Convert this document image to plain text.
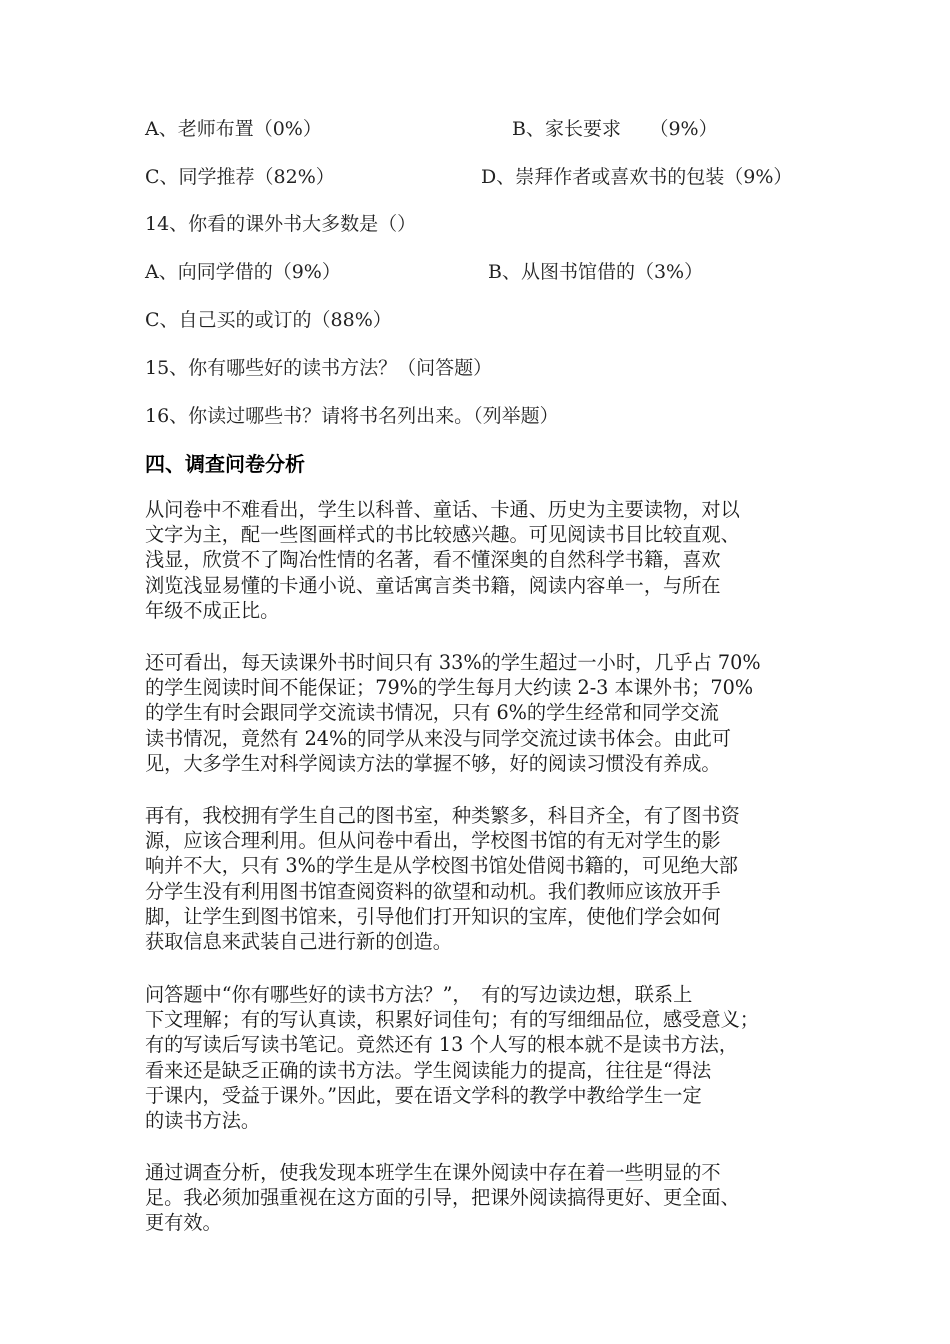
A、老师布置（0%）	B、家长要求　　（9%）
C、同学推荐（82%）	D、崇拜作者或喜欢书的包装（9%）
14、你看的课外书大多数是（）
A、向同学借的（9%）	B、从图书馆借的（3%）
C、自己买的或订的（88%）
15、你有哪些好的读书方法？（问答题）
16、你读过哪些书？请将书名列出来。（列举题）
四、调查问卷分析
从问卷中不难看出，学生以科普、童话、卡通、历史为主要读物，对以
文字为主，配一些图画样式的书比较感兴趣。可见阅读书目比较直观、
浅显，欣赏不了陶冶性情的名著，看不懂深奥的自然科学书籍，喜欢
浏览浅显易懂的卡通小说、童话寓言类书籍，阅读内容单一，与所在
年级不成正比。
还可看出，每天读课外书时间只有 33%的学生超过一小时，几乎占 70%
的学生阅读时间不能保证；79%的学生每月大约读 2-3 本课外书；70%
的学生有时会跟同学交流读书情况，只有 6%的学生经常和同学交流
读书情况，竟然有 24%的同学从来没与同学交流过读书体会。由此可
见，大多学生对科学阅读方法的掌握不够，好的阅读习惯没有养成。
再有，我校拥有学生自己的图书室，种类繁多，科目齐全，有了图书资
源，应该合理利用。但从问卷中看出，学校图书馆的有无对学生的影
响并不大，只有 3%的学生是从学校图书馆处借阅书籍的，可见绝大部
分学生没有利用图书馆查阅资料的欲望和动机。我们教师应该放开手
脚，让学生到图书馆来，引导他们打开知识的宝库，使他们学会如何
获取信息来武装自己进行新的创造。
问答题中“你有哪些好的读书方法？”，　有的写边读边想，联系上
下文理解；有的写认真读，积累好词佳句；有的写细细品位，感受意义；
有的写读后写读书笔记。竟然还有 13 个人写的根本就不是读书方法，
看来还是缺乏正确的读书方法。学生阅读能力的提高，往往是“得法
于课内，受益于课外。”因此，要在语文学科的教学中教给学生一定
的读书方法。
通过调查分析，使我发现本班学生在课外阅读中存在着一些明显的不
足。我必须加强重视在这方面的引导，把课外阅读搞得更好、更全面、
更有效。
